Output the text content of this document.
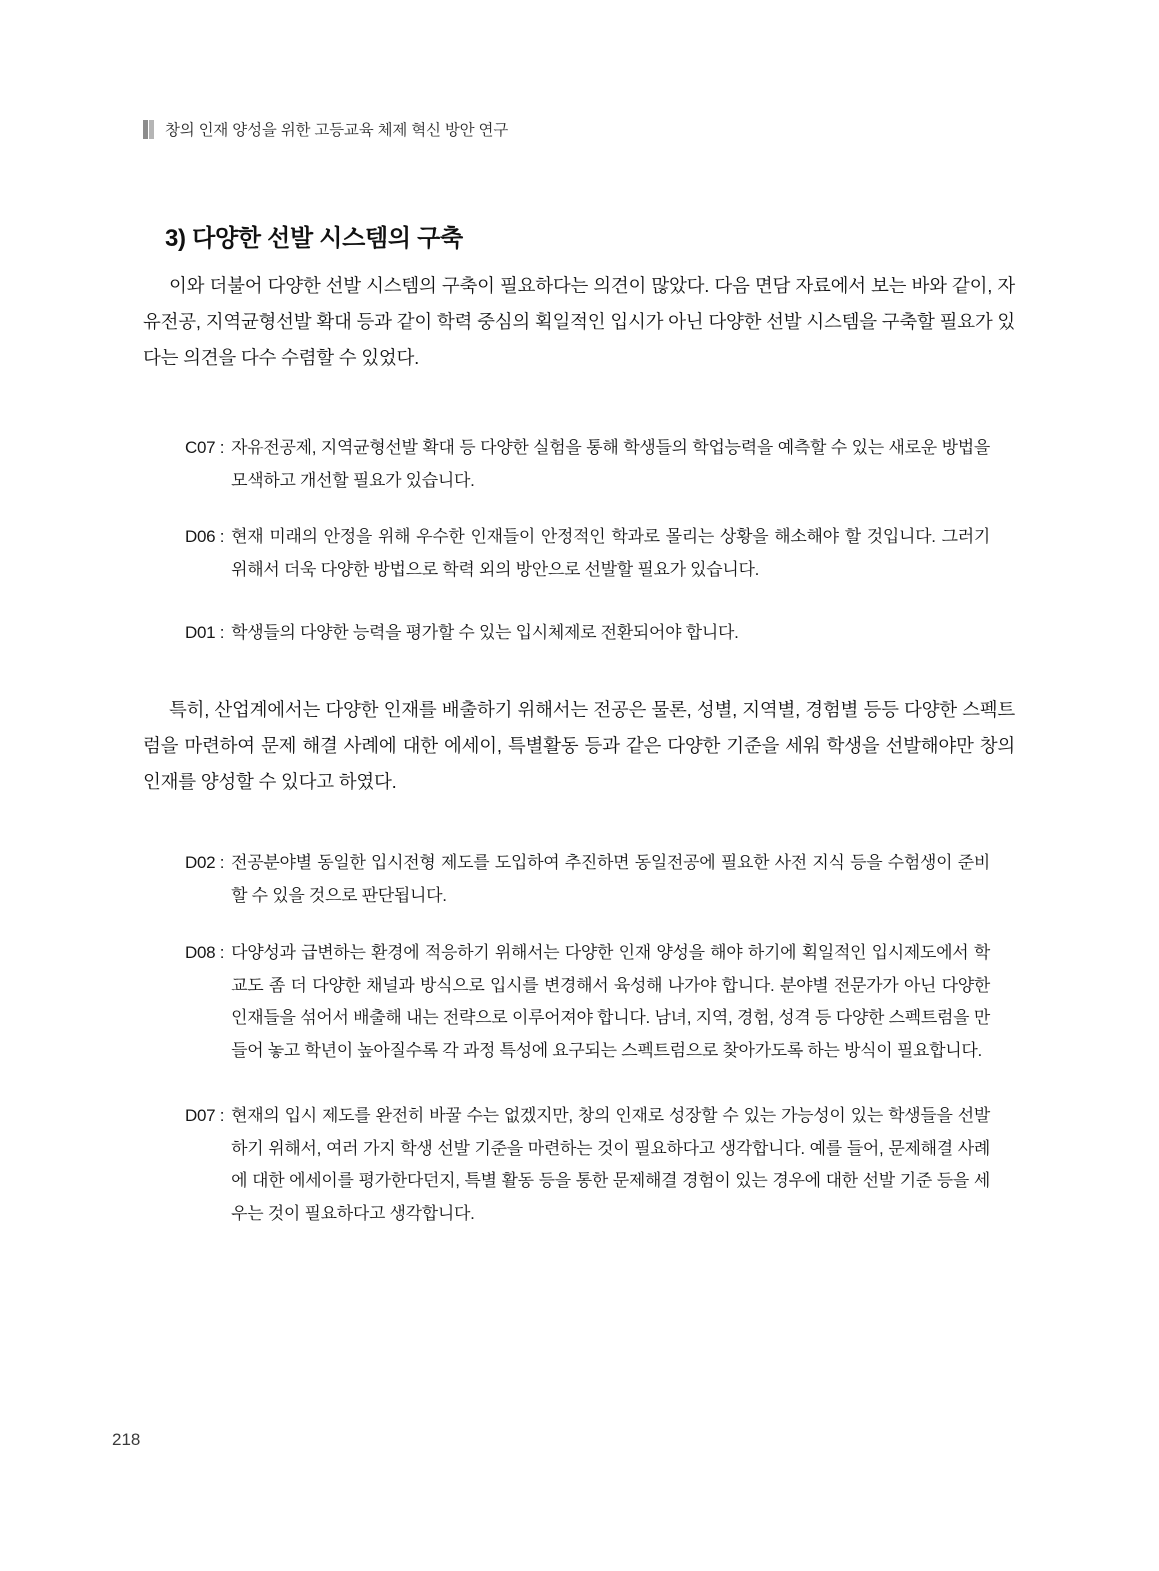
창의 인재 양성을 위한 고등교육 체제 혁신 방안 연구
3) 다양한 선발 시스템의 구축

이와 더불어 다양한 선발 시스템의 구축이 필요하다는 의견이 많았다. 다음 면담 자료에서 보는 바와 같이, 자유전공, 지역균형선발 확대 등과 같이 학력 중심의 획일적인 입시가 아닌 다양한 선발 시스템을 구축할 필요가 있다는 의견을 다수 수렴할 수 있었다.

C07 : 자유전공제, 지역균형선발 확대 등 다양한 실험을 통해 학생들의 학업능력을 예측할 수 있는 새로운 방법을 모색하고 개선할 필요가 있습니다.
D06 : 현재 미래의 안정을 위해 우수한 인재들이 안정적인 학과로 몰리는 상황을 해소해야 할 것입니다. 그러기 위해서 더욱 다양한 방법으로 학력 외의 방안으로 선발할 필요가 있습니다.
D01 : 학생들의 다양한 능력을 평가할 수 있는 입시체제로 전환되어야 합니다.

특히, 산업계에서는 다양한 인재를 배출하기 위해서는 전공은 물론, 성별, 지역별, 경험별 등등 다양한 스펙트럼을 마련하여 문제 해결 사례에 대한 에세이, 특별활동 등과 같은 다양한 기준을 세워 학생을 선발해야만 창의 인재를 양성할 수 있다고 하였다.

D02 : 전공분야별 동일한 입시전형 제도를 도입하여 추진하면 동일전공에 필요한 사전 지식 등을 수험생이 준비할 수 있을 것으로 판단됩니다.
D08 : 다양성과 급변하는 환경에 적응하기 위해서는 다양한 인재 양성을 해야 하기에 획일적인 입시제도에서 학교도 좀 더 다양한 채널과 방식으로 입시를 변경해서 육성해 나가야 합니다. 분야별 전문가가 아닌 다양한 인재들을 섞어서 배출해 내는 전략으로 이루어져야 합니다. 남녀, 지역, 경험, 성격 등 다양한 스펙트럼을 만들어 놓고 학년이 높아질수록 각 과정 특성에 요구되는 스펙트럼으로 찾아가도록 하는 방식이 필요합니다.
D07 : 현재의 입시 제도를 완전히 바꿀 수는 없겠지만, 창의 인재로 성장할 수 있는 가능성이 있는 학생들을 선발하기 위해서, 여러 가지 학생 선발 기준을 마련하는 것이 필요하다고 생각합니다. 예를 들어, 문제해결 사례에 대한 에세이를 평가한다던지, 특별 활동 등을 통한 문제해결 경험이 있는 경우에 대한 선발 기준 등을 세우는 것이 필요하다고 생각합니다.
218
